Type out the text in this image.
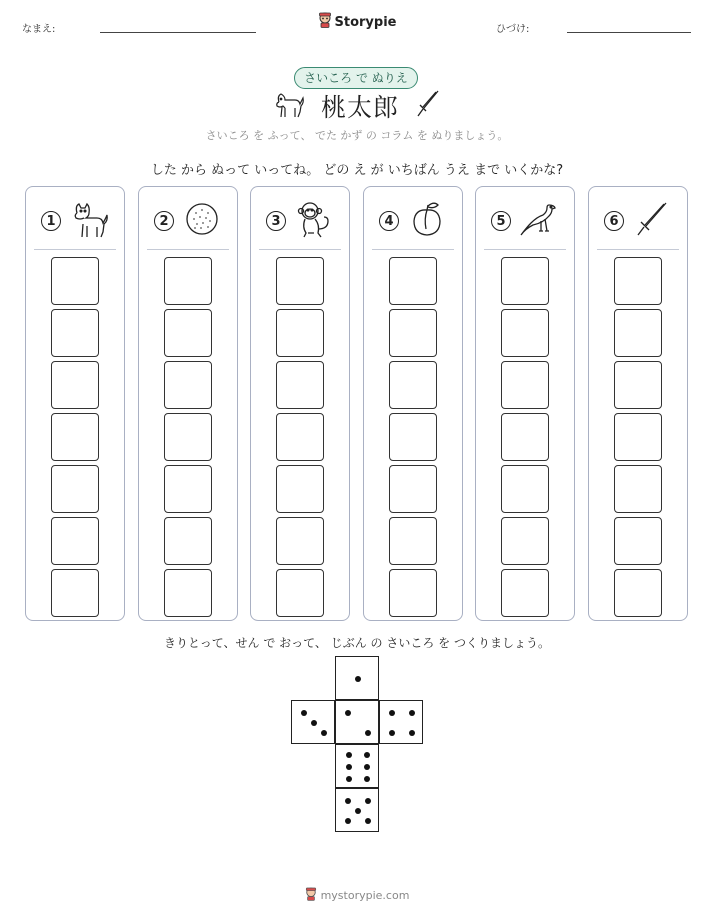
なまえ:	Storypie	ひづけ:
さいころ で ぬりえ
桃太郎
さいころ を ふって、 でた かず の コラム を ぬりましょう。
した から ぬって いってね。 どの え が いちばん うえ まで いくかな?
1	2	3	4	5	6
きりとって、せん で おって、 じぶん の さいころ を つくりましょう。
mystorypie.com
